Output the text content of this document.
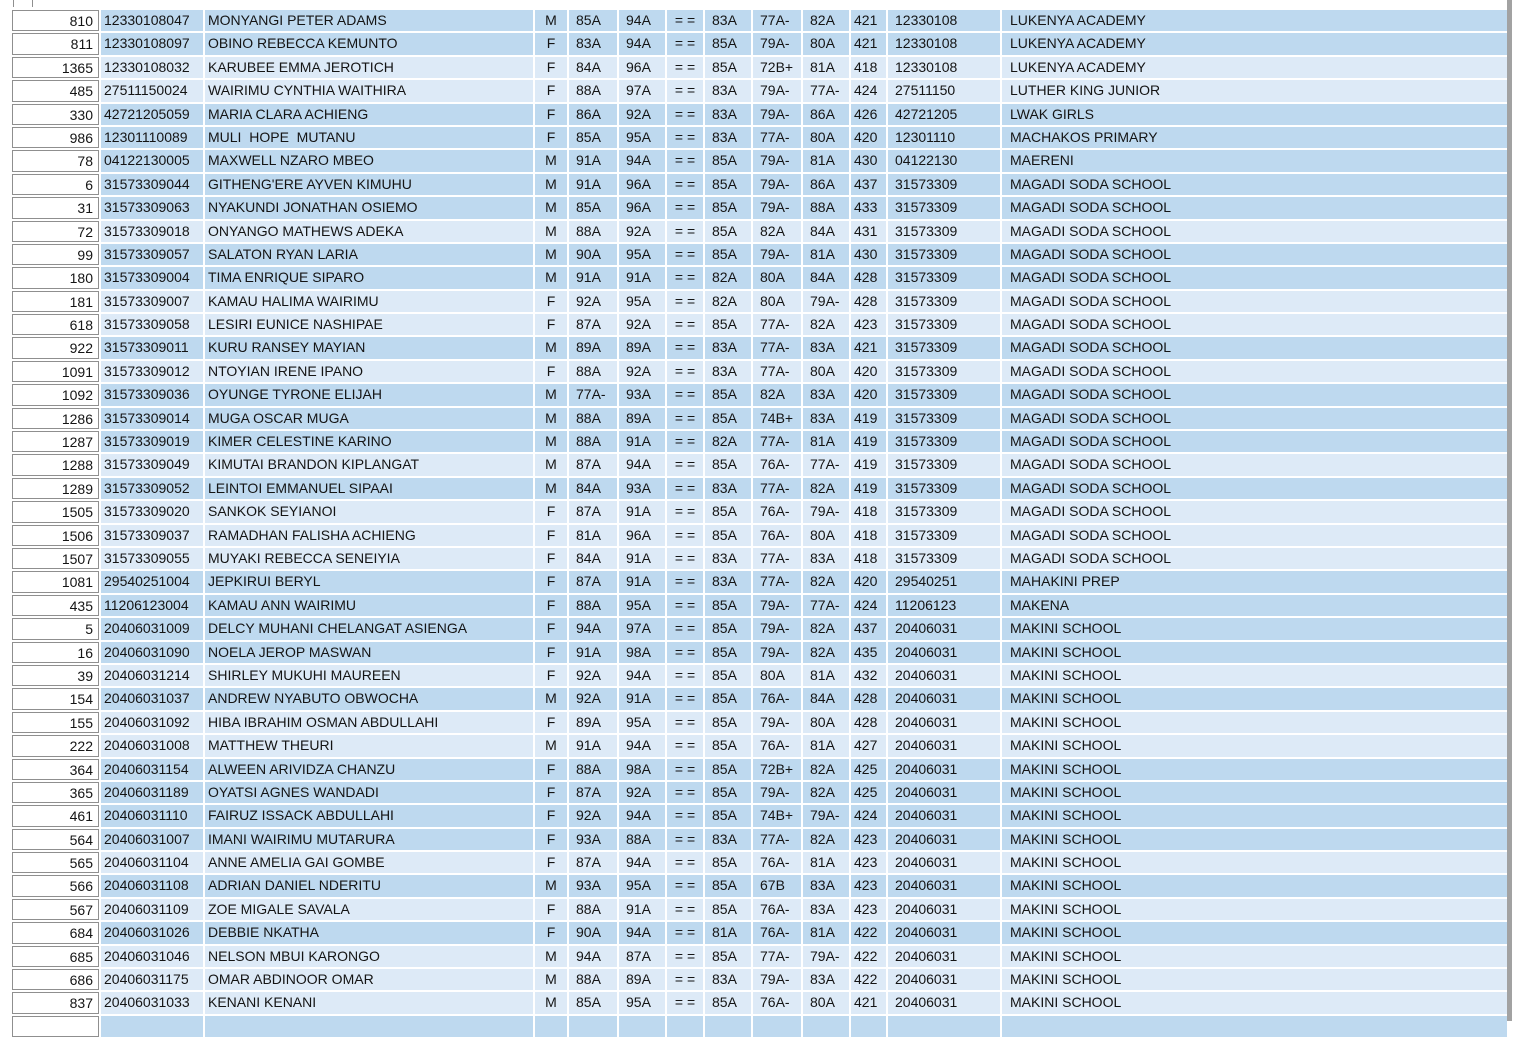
810 12330108047	MONYANGI PETER ADAMS	M	85A	94A	= =	83A	77A-	82A	421	12330108	LUKENYA ACADEMY
811 12330108097	OBINO REBECCA KEMUNTO	F	83A	94A	= =	85A	79A-	80A	421	12330108	LUKENYA ACADEMY
1365 12330108032	KARUBEE EMMA JEROTICH	F	84A	96A	= =	85A	72B+	81A	418	12330108	LUKENYA ACADEMY
485 27511150024	WAIRIMU CYNTHIA WAITHIRA	F	88A	97A	= =	83A	79A-	77A-	424	27511150	LUTHER KING JUNIOR
330 42721205059	MARIA CLARA ACHIENG	F	86A	92A	= =	83A	79A-	86A	426	42721205	LWAK GIRLS
986 12301110089	MULI  HOPE  MUTANU	F	85A	95A	= =	83A	77A-	80A	420	12301110	MACHAKOS PRIMARY
78 04122130005	MAXWELL NZARO MBEO	M	91A	94A	= =	85A	79A-	81A	430	04122130	MAERENI
6 31573309044	GITHENG'ERE AYVEN KIMUHU	M	91A	96A	= =	85A	79A-	86A	437	31573309	MAGADI SODA SCHOOL
31 31573309063	NYAKUNDI JONATHAN OSIEMO	M	85A	96A	= =	85A	79A-	88A	433	31573309	MAGADI SODA SCHOOL
72 31573309018	ONYANGO MATHEWS ADEKA	M	88A	92A	= =	85A	82A	84A	431	31573309	MAGADI SODA SCHOOL
99 31573309057	SALATON RYAN LARIA	M	90A	95A	= =	85A	79A-	81A	430	31573309	MAGADI SODA SCHOOL
180 31573309004	TIMA ENRIQUE SIPARO	M	91A	91A	= =	82A	80A	84A	428	31573309	MAGADI SODA SCHOOL
181 31573309007	KAMAU HALIMA WAIRIMU	F	92A	95A	= =	82A	80A	79A-	428	31573309	MAGADI SODA SCHOOL
618 31573309058	LESIRI EUNICE NASHIPAE	F	87A	92A	= =	85A	77A-	82A	423	31573309	MAGADI SODA SCHOOL
922 31573309011	KURU RANSEY MAYIAN	M	89A	89A	= =	83A	77A-	83A	421	31573309	MAGADI SODA SCHOOL
1091 31573309012	NTOYIAN IRENE IPANO	F	88A	92A	= =	83A	77A-	80A	420	31573309	MAGADI SODA SCHOOL
1092 31573309036	OYUNGE TYRONE ELIJAH	M	77A-	93A	= =	85A	82A	83A	420	31573309	MAGADI SODA SCHOOL
1286 31573309014	MUGA OSCAR MUGA	M	88A	89A	= =	85A	74B+	83A	419	31573309	MAGADI SODA SCHOOL
1287 31573309019	KIMER CELESTINE KARINO	M	88A	91A	= =	82A	77A-	81A	419	31573309	MAGADI SODA SCHOOL
1288 31573309049	KIMUTAI BRANDON KIPLANGAT	M	87A	94A	= =	85A	76A-	77A-	419	31573309	MAGADI SODA SCHOOL
1289 31573309052	LEINTOI EMMANUEL SIPAAI	M	84A	93A	= =	83A	77A-	82A	419	31573309	MAGADI SODA SCHOOL
1505 31573309020	SANKOK SEYIANOI	F	87A	91A	= =	85A	76A-	79A-	418	31573309	MAGADI SODA SCHOOL
1506 31573309037	RAMADHAN FALISHA ACHIENG	F	81A	96A	= =	85A	76A-	80A	418	31573309	MAGADI SODA SCHOOL
1507 31573309055	MUYAKI REBECCA SENEIYIA	F	84A	91A	= =	83A	77A-	83A	418	31573309	MAGADI SODA SCHOOL
1081 29540251004	JEPKIRUI BERYL	F	87A	91A	= =	83A	77A-	82A	420	29540251	MAHAKINI PREP
435 11206123004	KAMAU ANN WAIRIMU	F	88A	95A	= =	85A	79A-	77A-	424	11206123	MAKENA
5 20406031009	DELCY MUHANI CHELANGAT ASIENGA	F	94A	97A	= =	85A	79A-	82A	437	20406031	MAKINI SCHOOL
16 20406031090	NOELA JEROP MASWAN	F	91A	98A	= =	85A	79A-	82A	435	20406031	MAKINI SCHOOL
39 20406031214	SHIRLEY MUKUHI MAUREEN	F	92A	94A	= =	85A	80A	81A	432	20406031	MAKINI SCHOOL
154 20406031037	ANDREW NYABUTO OBWOCHA	M	92A	91A	= =	85A	76A-	84A	428	20406031	MAKINI SCHOOL
155 20406031092	HIBA IBRAHIM OSMAN ABDULLAHI	F	89A	95A	= =	85A	79A-	80A	428	20406031	MAKINI SCHOOL
222 20406031008	MATTHEW THEURI	M	91A	94A	= =	85A	76A-	81A	427	20406031	MAKINI SCHOOL
364 20406031154	ALWEEN ARIVIDZA CHANZU	F	88A	98A	= =	85A	72B+	82A	425	20406031	MAKINI SCHOOL
365 20406031189	OYATSI AGNES WANDADI	F	87A	92A	= =	85A	79A-	82A	425	20406031	MAKINI SCHOOL
461 20406031110	FAIRUZ ISSACK ABDULLAHI	F	92A	94A	= =	85A	74B+	79A-	424	20406031	MAKINI SCHOOL
564 20406031007	IMANI WAIRIMU MUTARURA	F	93A	88A	= =	83A	77A-	82A	423	20406031	MAKINI SCHOOL
565 20406031104	ANNE AMELIA GAI GOMBE	F	87A	94A	= =	85A	76A-	81A	423	20406031	MAKINI SCHOOL
566 20406031108	ADRIAN DANIEL NDERITU	M	93A	95A	= =	85A	67B	83A	423	20406031	MAKINI SCHOOL
567 20406031109	ZOE MIGALE SAVALA	F	88A	91A	= =	85A	76A-	83A	423	20406031	MAKINI SCHOOL
684 20406031026	DEBBIE NKATHA	F	90A	94A	= =	81A	76A-	81A	422	20406031	MAKINI SCHOOL
685 20406031046	NELSON MBUI KARONGO	M	94A	87A	= =	85A	77A-	79A-	422	20406031	MAKINI SCHOOL
686 20406031175	OMAR ABDINOOR OMAR	M	88A	89A	= =	83A	79A-	83A	422	20406031	MAKINI SCHOOL
837 20406031033	KENANI KENANI	M	85A	95A	= =	85A	76A-	80A	421	20406031	MAKINI SCHOOL
